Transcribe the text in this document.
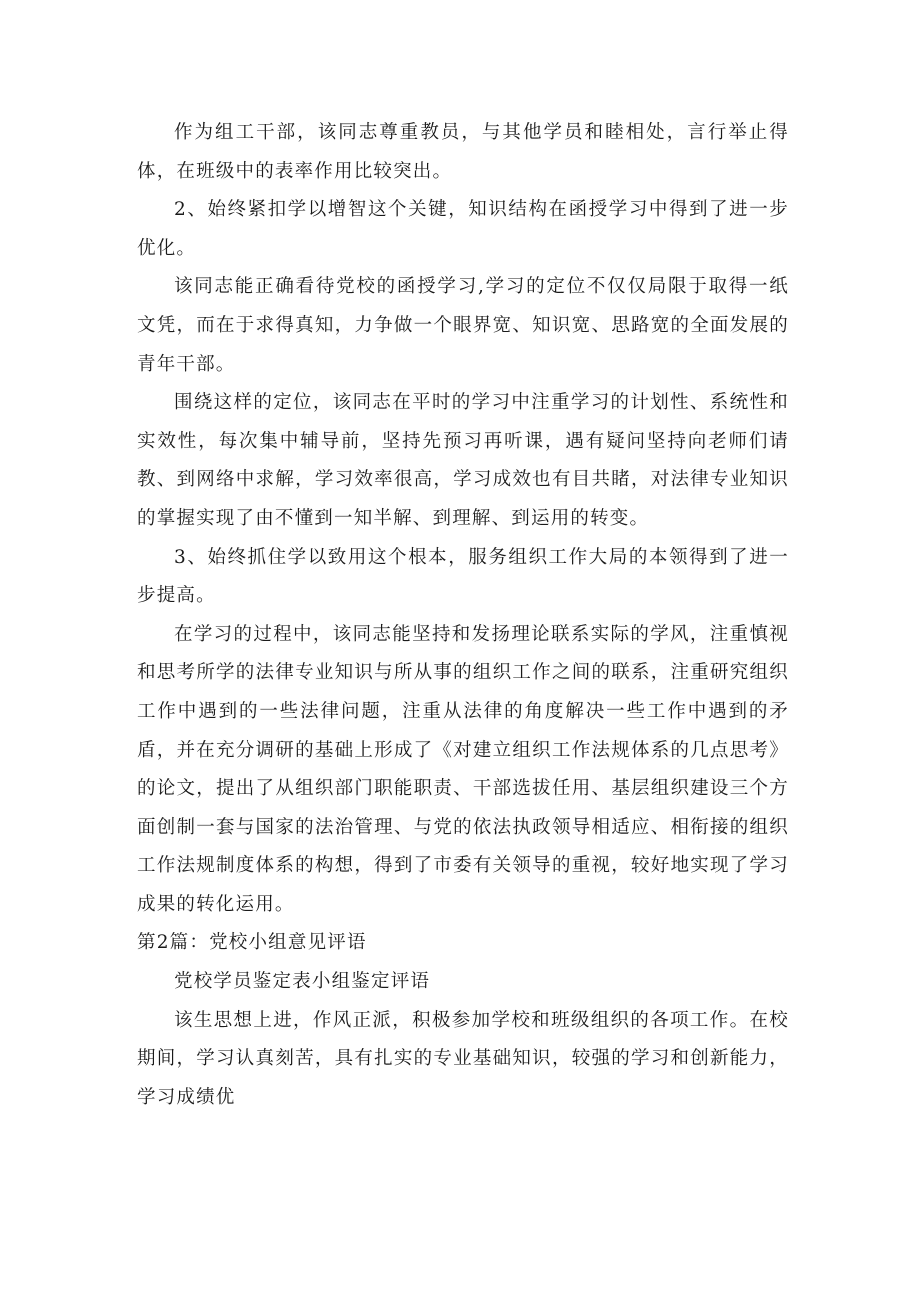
作为组工干部，该同志尊重教员，与其他学员和睦相处，言行举止得体，在班级中的表率作用比较突出。

2、始终紧扣学以增智这个关键，知识结构在函授学习中得到了进一步优化。

该同志能正确看待党校的函授学习,学习的定位不仅仅局限于取得一纸文凭，而在于求得真知，力争做一个眼界宽、知识宽、思路宽的全面发展的青年干部。

围绕这样的定位，该同志在平时的学习中注重学习的计划性、系统性和实效性，每次集中辅导前，坚持先预习再听课，遇有疑问坚持向老师们请教、到网络中求解，学习效率很高，学习成效也有目共睹，对法律专业知识的掌握实现了由不懂到一知半解、到理解、到运用的转变。

3、始终抓住学以致用这个根本，服务组织工作大局的本领得到了进一步提高。

在学习的过程中，该同志能坚持和发扬理论联系实际的学风，注重慎视和思考所学的法律专业知识与所从事的组织工作之间的联系，注重研究组织工作中遇到的一些法律问题，注重从法律的角度解决一些工作中遇到的矛盾，并在充分调研的基础上形成了《对建立组织工作法规体系的几点思考》的论文，提出了从组织部门职能职责、干部选拔任用、基层组织建设三个方面创制一套与国家的法治管理、与党的依法执政领导相适应、相衔接的组织工作法规制度体系的构想，得到了市委有关领导的重视，较好地实现了学习成果的转化运用。

第2篇：党校小组意见评语

党校学员鉴定表小组鉴定评语

该生思想上进，作风正派，积极参加学校和班级组织的各项工作。在校期间，学习认真刻苦，具有扎实的专业基础知识，较强的学习和创新能力，学习成绩优
